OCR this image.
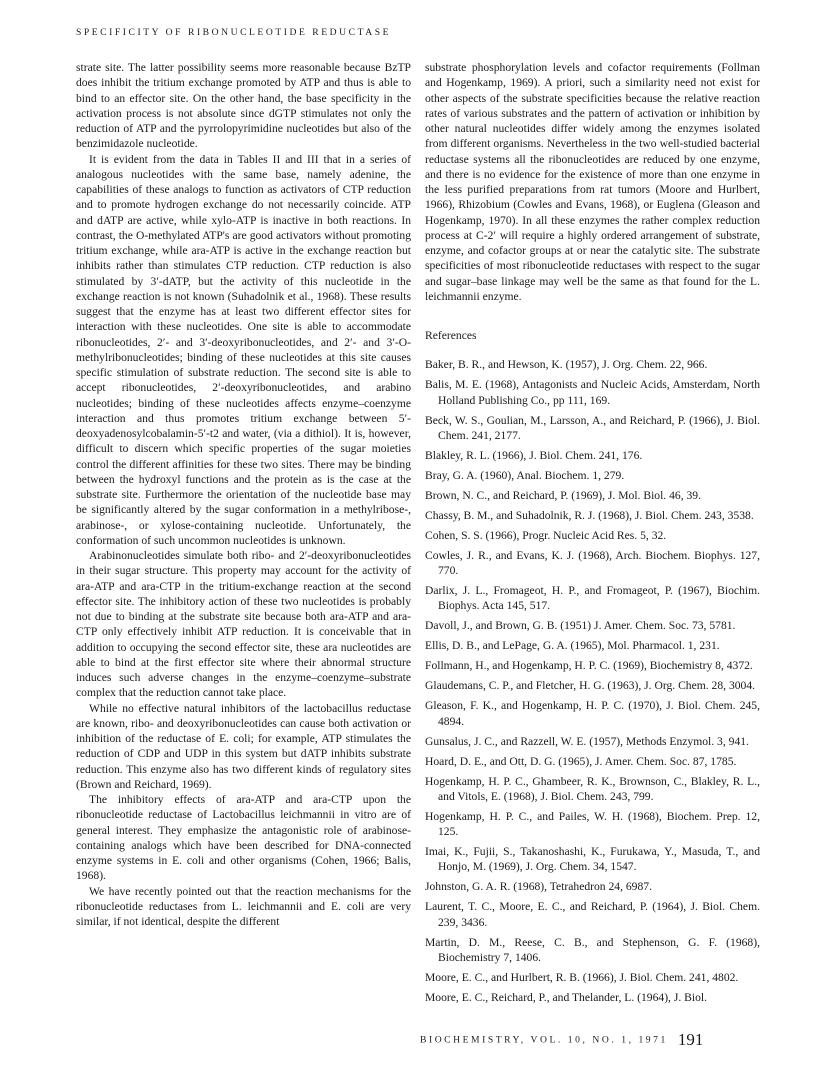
SPECIFICITY OF RIBONUCLEOTIDE REDUCTASE

strate site. The latter possibility seems more reasonable because BzTP does inhibit the tritium exchange promoted by ATP and thus is able to bind to an effector site. On the other hand, the base specificity in the activation process is not absolute since dGTP stimulates not only the reduction of ATP and the pyrrolopyrimidine nucleotides but also of the benzimidazole nucleotide.

It is evident from the data in Tables II and III that in a series of analogous nucleotides with the same base, namely adenine, the capabilities of these analogs to function as activators of CTP reduction and to promote hydrogen exchange do not necessarily coincide. ATP and dATP are active, while xylo-ATP is inactive in both reactions. In contrast, the O-methylated ATP's are good activators without promoting tritium exchange, while ara-ATP is active in the exchange reaction but inhibits rather than stimulates CTP reduction. CTP reduction is also stimulated by 3′-dATP, but the activity of this nucleotide in the exchange reaction is not known (Suhadolnik et al., 1968). These results suggest that the enzyme has at least two different effector sites for interaction with these nucleotides. One site is able to accommodate ribonucleotides, 2′- and 3′-deoxyribonucleotides, and 2′- and 3′-O-methylribonucleotides; binding of these nucleotides at this site causes specific stimulation of substrate reduction. The second site is able to accept ribonucleotides, 2′-deoxyribonucleotides, and arabino nucleotides; binding of these nucleotides affects enzyme–coenzyme interaction and thus promotes tritium exchange between 5′-deoxyadenosylcobalamin-5′-t2 and water, (via a dithiol). It is, however, difficult to discern which specific properties of the sugar moieties control the different affinities for these two sites. There may be binding between the hydroxyl functions and the protein as is the case at the substrate site. Furthermore the orientation of the nucleotide base may be significantly altered by the sugar conformation in a methylribose-, arabinose-, or xylose-containing nucleotide. Unfortunately, the conformation of such uncommon nucleotides is unknown.

Arabinonucleotides simulate both ribo- and 2′-deoxyribonucleotides in their sugar structure. This property may account for the activity of ara-ATP and ara-CTP in the tritium-exchange reaction at the second effector site. The inhibitory action of these two nucleotides is probably not due to binding at the substrate site because both ara-ATP and ara-CTP only effectively inhibit ATP reduction. It is conceivable that in addition to occupying the second effector site, these ara nucleotides are able to bind at the first effector site where their abnormal structure induces such adverse changes in the enzyme–coenzyme–substrate complex that the reduction cannot take place.

While no effective natural inhibitors of the lactobacillus reductase are known, ribo- and deoxyribonucleotides can cause both activation or inhibition of the reductase of E. coli; for example, ATP stimulates the reduction of CDP and UDP in this system but dATP inhibits substrate reduction. This enzyme also has two different kinds of regulatory sites (Brown and Reichard, 1969).

The inhibitory effects of ara-ATP and ara-CTP upon the ribonucleotide reductase of Lactobacillus leichmannii in vitro are of general interest. They emphasize the antagonistic role of arabinose-containing analogs which have been described for DNA-connected enzyme systems in E. coli and other organisms (Cohen, 1966; Balis, 1968).

We have recently pointed out that the reaction mechanisms for the ribonucleotide reductases from L. leichmannii and E. coli are very similar, if not identical, despite the different

substrate phosphorylation levels and cofactor requirements (Follman and Hogenkamp, 1969). A priori, such a similarity need not exist for other aspects of the substrate specificities because the relative reaction rates of various substrates and the pattern of activation or inhibition by other natural nucleotides differ widely among the enzymes isolated from different organisms. Nevertheless in the two well-studied bacterial reductase systems all the ribonucleotides are reduced by one enzyme, and there is no evidence for the existence of more than one enzyme in the less purified preparations from rat tumors (Moore and Hurlbert, 1966), Rhizobium (Cowles and Evans, 1968), or Euglena (Gleason and Hogenkamp, 1970). In all these enzymes the rather complex reduction process at C-2′ will require a highly ordered arrangement of substrate, enzyme, and cofactor groups at or near the catalytic site. The substrate specificities of most ribonucleotide reductases with respect to the sugar and sugar–base linkage may well be the same as that found for the L. leichmannii enzyme.

References

Baker, B. R., and Hewson, K. (1957), J. Org. Chem. 22, 966.

Balis, M. E. (1968), Antagonists and Nucleic Acids, Amsterdam, North Holland Publishing Co., pp 111, 169.

Beck, W. S., Goulian, M., Larsson, A., and Reichard, P. (1966), J. Biol. Chem. 241, 2177.

Blakley, R. L. (1966), J. Biol. Chem. 241, 176.

Bray, G. A. (1960), Anal. Biochem. 1, 279.

Brown, N. C., and Reichard, P. (1969), J. Mol. Biol. 46, 39.

Chassy, B. M., and Suhadolnik, R. J. (1968), J. Biol. Chem. 243, 3538.

Cohen, S. S. (1966), Progr. Nucleic Acid Res. 5, 32.

Cowles, J. R., and Evans, K. J. (1968), Arch. Biochem. Biophys. 127, 770.

Darlix, J. L., Fromageot, H. P., and Fromageot, P. (1967), Biochim. Biophys. Acta 145, 517.

Davoll, J., and Brown, G. B. (1951) J. Amer. Chem. Soc. 73, 5781.

Ellis, D. B., and LePage, G. A. (1965), Mol. Pharmacol. 1, 231.

Follmann, H., and Hogenkamp, H. P. C. (1969), Biochemistry 8, 4372.

Glaudemans, C. P., and Fletcher, H. G. (1963), J. Org. Chem. 28, 3004.

Gleason, F. K., and Hogenkamp, H. P. C. (1970), J. Biol. Chem. 245, 4894.

Gunsalus, J. C., and Razzell, W. E. (1957), Methods Enzymol. 3, 941.

Hoard, D. E., and Ott, D. G. (1965), J. Amer. Chem. Soc. 87, 1785.

Hogenkamp, H. P. C., Ghambeer, R. K., Brownson, C., Blakley, R. L., and Vitols, E. (1968), J. Biol. Chem. 243, 799.

Hogenkamp, H. P. C., and Pailes, W. H. (1968), Biochem. Prep. 12, 125.

Imai, K., Fujii, S., Takanoshashi, K., Furukawa, Y., Masuda, T., and Honjo, M. (1969), J. Org. Chem. 34, 1547.

Johnston, G. A. R. (1968), Tetrahedron 24, 6987.

Laurent, T. C., Moore, E. C., and Reichard, P. (1964), J. Biol. Chem. 239, 3436.

Martin, D. M., Reese, C. B., and Stephenson, G. F. (1968), Biochemistry 7, 1406.

Moore, E. C., and Hurlbert, R. B. (1966), J. Biol. Chem. 241, 4802.

Moore, E. C., Reichard, P., and Thelander, L. (1964), J. Biol.

BIOCHEMISTRY, VOL. 10, NO. 1, 1971 191
